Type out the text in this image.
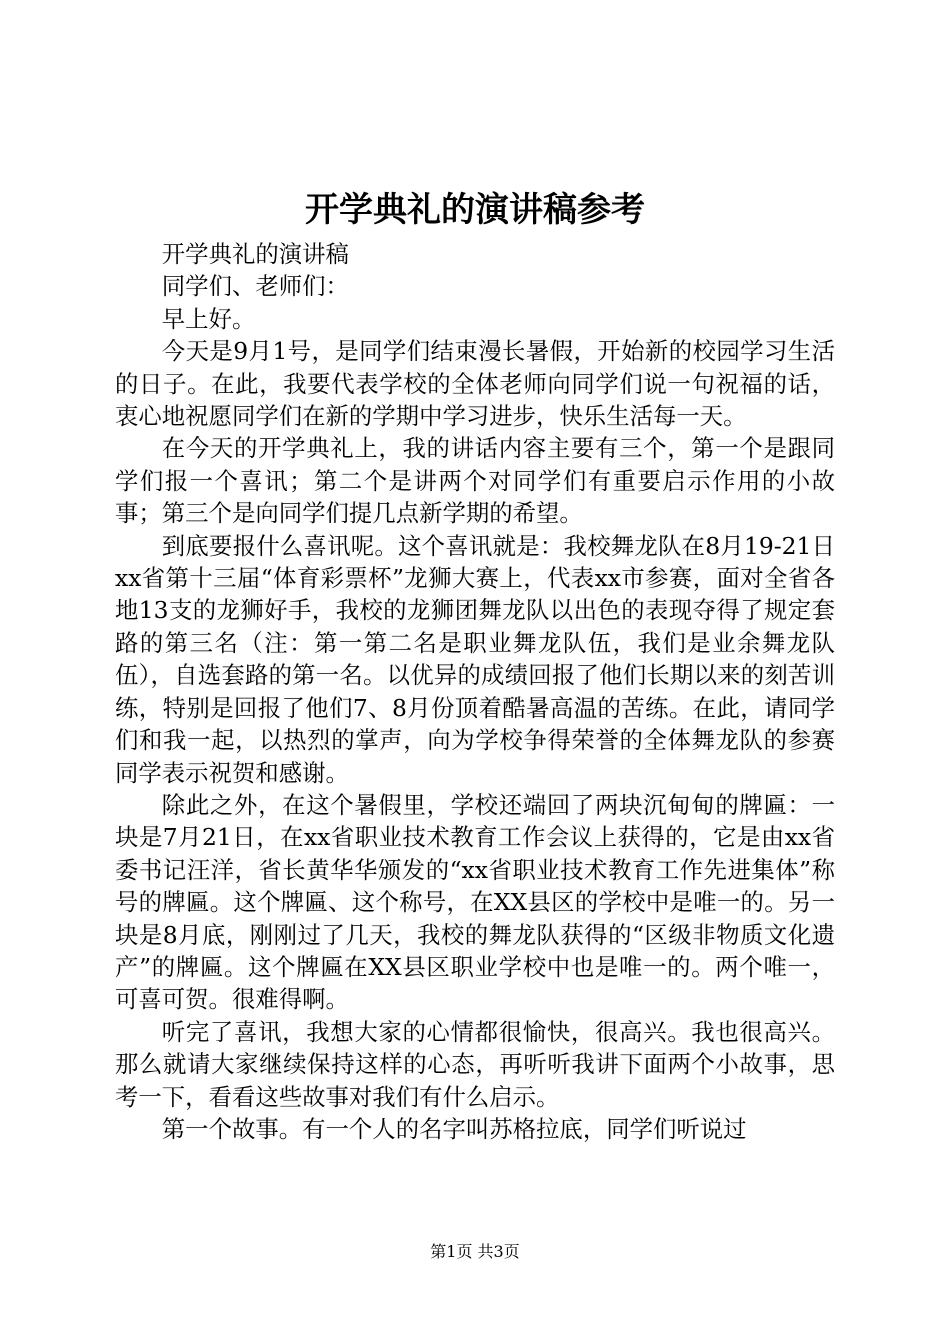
开学典礼的演讲稿参考

开学典礼的演讲稿

同学们、老师们：

早上好。

今天是9月1号，是同学们结束漫长暑假，开始新的校园学习生活的日子。在此，我要代表学校的全体老师向同学们说一句祝福的话，衷心地祝愿同学们在新的学期中学习进步，快乐生活每一天。

在今天的开学典礼上，我的讲话内容主要有三个，第一个是跟同学们报一个喜讯；第二个是讲两个对同学们有重要启示作用的小故事；第三个是向同学们提几点新学期的希望。

到底要报什么喜讯呢。这个喜讯就是：我校舞龙队在8月19-21日xx省第十三届“体育彩票杯”龙狮大赛上，代表xx市参赛，面对全省各地13支的龙狮好手，我校的龙狮团舞龙队以出色的表现夺得了规定套路的第三名（注：第一第二名是职业舞龙队伍，我们是业余舞龙队伍），自选套路的第一名。以优异的成绩回报了他们长期以来的刻苦训练，特别是回报了他们7、8月份顶着酷暑高温的苦练。在此，请同学们和我一起，以热烈的掌声，向为学校争得荣誉的全体舞龙队的参赛同学表示祝贺和感谢。

除此之外，在这个暑假里，学校还端回了两块沉甸甸的牌匾：一块是7月21日，在xx省职业技术教育工作会议上获得的，它是由xx省委书记汪洋，省长黄华华颁发的“xx省职业技术教育工作先进集体”称号的牌匾。这个牌匾、这个称号，在XX县区的学校中是唯一的。另一块是8月底，刚刚过了几天，我校的舞龙队获得的“区级非物质文化遗产”的牌匾。这个牌匾在XX县区职业学校中也是唯一的。两个唯一，可喜可贺。很难得啊。

听完了喜讯，我想大家的心情都很愉快，很高兴。我也很高兴。那么就请大家继续保持这样的心态，再听听我讲下面两个小故事，思考一下，看看这些故事对我们有什么启示。

第一个故事。有一个人的名字叫苏格拉底，同学们听说过

第1页 共3页
